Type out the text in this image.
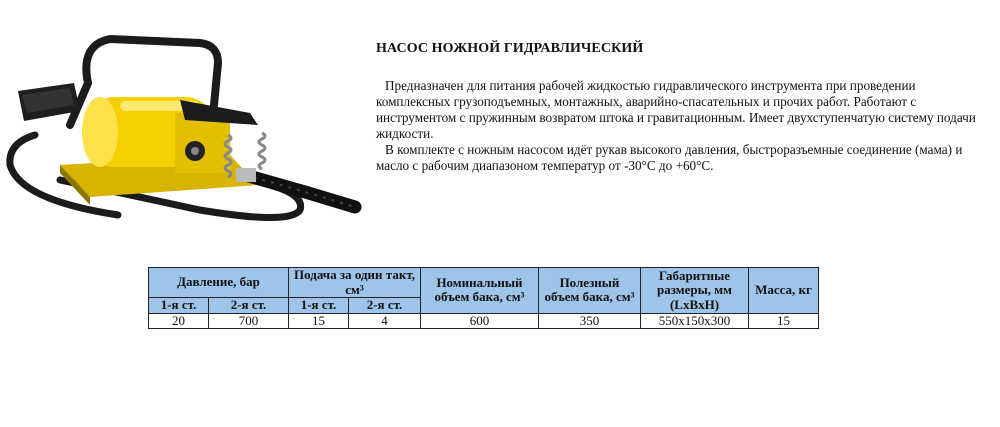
НАСОС НОЖНОЙ ГИДРАВЛИЧЕСКИЙ

Предназначен для питания рабочей жидкостью гидравлического инструмента при проведении комплексных грузоподъемных, монтажных, аварийно-спасательных и прочих работ. Работают с инструментом с пружинным возвратом штока и гравитационным. Имеет двухступенчатую систему подачи жидкости.

В комплекте с ножным насосом идёт рукав высокого давления, быстроразъемные соединение (мама) и масло с рабочим диапазоном температур от -30°С до +60°С.

Давление, бар		Подача за один такт, см³		Номинальный объем бака, см³	Полезный объем бака, см³	Габаритные размеры, мм (LxBxH)	Масса, кг
1-я ст.	2-я ст.	1-я ст.	2-я ст.				
20	700	15	4	600	350	550x150x300	15
